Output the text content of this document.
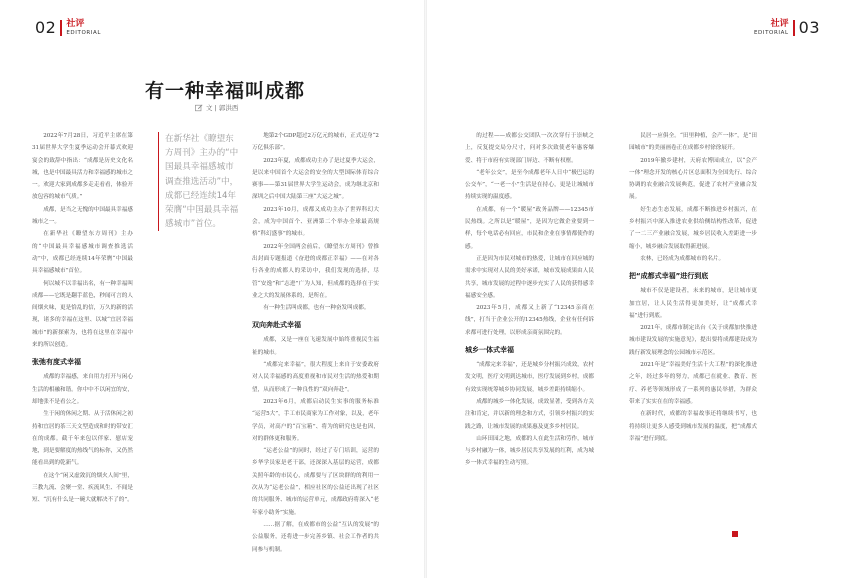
02 社评
EDITORIAL
社评
EDITORIAL 03
有一种幸福叫成都
文 | 郭洪西

2022年7月28日，习近平主席在第31届世界大学生夏季运动会开幕式欢迎宴会的致辞中指出：“成都是历史文化名城，也是中国最具活力和幸福感的城市之一。欢迎大家到成都多走走看看，体验开放包容的城市气质。”

成都，是当之无愧的中国最具幸福感城市之一。

在新华社《瞭望东方周刊》主办的“中国最具幸福感城市调查推选活动”中，成都已经连续14年荣膺“中国最具幸福感城市”首位。

何以城不以幸福出名，有一种幸福叫成都——它既是翻手蓝色，秒闻可言的人间烟火味，更是恰乱的信，万久的新的活现，诸多的幸福在这里、以城“宜居幸福城市”的新探索为，也将在这里在幸福中来的所以创造。

张弛有度式幸福

成都的幸福感，来自用力打开与闲心生活的相融和谐。你中中不以闲宜的安，却地张不是看公之。

生于闲的休闲之期、从于活休闲之初持和宜居的茶三天文型造成和时的带安汇在的成都。截千年来包以伴家、慰店宠地，到是要解度的热线气的标你，又仍然能看出到的乾新气。

在这个“闲又虚敛沉的烟火人间”里，三教九流、会聚一堂、疾流风生、不闻是短、“沉有什么是一碗大就解决不了的”。

在新华社《瞭望东方周刊》主办的“中国最具幸福感城市调查推选活动”中，成都已经连续14年荣膺“中国最具幸福感城市”首位。

地第2个GDP超过2万亿元的城市，正式迈身“2万亿俱乐部”。

2023年夏，成都成功主办了是过夏季大运会，是以来中国首个大运会的安全的大型国际体育综合赛事——第31届世界大学生运动会，成为继北京和深圳之后中国大陆第三座“大运之城”。

2023年10月，成都又成功主办了世界科幻大会，成为中国首个、亚洲第二个举办全球最高规格“科幻盛事”的城市。

2022年全国两会前后，《瞭望东方周刊》曾推出封面专题报道《奋进的成都正幸福》——在对各行各业的成都人的采访中，我们发现的选择，尽管“安逸”和“志进”广为人知，但成都的选择在于实业之大的发展体系的，是所在。

有一种生活叫成都，也有一种奋发叫成都。

双向奔赴式幸福

成都，又是一座在飞速发展中始终重视民生福祉的城市。

“成都完来幸福”，很大程度上来自于安委政府对人民幸福感的高度重视和市民对生活的热爱和期望，从而形成了一种良性的“双向奔赴”。

2023年6月，成都启动民生实事的服务标准 “运营5大”，手工市民商家为工作对象，以及，老年学员，对高户的“百宝箱”、将为的研究也是也因，对的群体更和服务。

“运老公益”的同时，经过了专门培训，运营的乡华学员家是老干部，还深深入基层的运营，成都关照年龄的市民心，成都要与了区块群的的利用一次从为“运老公益”，相应社区的公益还出现了社区的共同服务、城市的运营单元，成都政府将深入“老年家小助务”实施。

……据了解，在成都市的公益“互认的发展”的公益服务，还将进一步完善乡镇、社会工作者的共同参与机制。

的过程——成都公交团队一次次穿行于崇峡之上，反复提交局分尺寸，问对多次致使老年惠客爆爱、将于市府有实现部门屏边、不断有权框。

“老年公交”，是至今成都老年人日中“极巴运的公交车”，“一老一小”生活是在持心，更是让城城市持续实现的温度感。

在成都，有一个“暖屋”政务品牌——12345市民热线。之所以是“暖屋”，是因为它做企业要到一样，每个电话必有回应，市民和企业在事情都使作的感。

正是因为市民对城市的热爱，让城市在回应城的需求中实现对人民的美好承诺，城市发展成果由人民共享，城市发展的过程中逐步充实了人民的获得感幸福感安全感。

2023年5月，成都又上新了“12345亲商在线”，打当于企业公开的12345热线，企业有任何诉求都可进行处理，以形成亲商氛围完的。

城乡一体式幸福

“成都完来幸福”，还是城乡分村振兴成效，农村发文明，医疗文明到达城市，医疗发展到乡村，成都有效实现统筹城乡协同发展，城乡差距持续缩小。

成都的城乡一体化发展，成效显著，受到各方关注和肯定，并以新的理念和方式，引领乡村振兴的实践之路，让城市发展的成果惠及更多乡村居民。

山环田园之地，成都的人在此生活和劳作，城市与乡村融为一体，城乡居民共享发展的红利，成为城乡一体式幸福的生动写照。

民居一应俱全。“田里种植，会产一体”，是“田园城市”的美丽画卷正在成都乡村徐徐展开。

2019年撤乡建村，天府农博园成立，以“会产一体”理念开发的核心片区总面积为全国先行、综合协调的农业融合发展典范，促进了农村产业融合发展。

好生态生态发展，成都不断推进乡村振兴，在乡村振兴中深入推进农业供给侧结构性改革，促进了一二三产业融合发展，城乡居民收入差距进一步缩小，城乡融合发展取得新进展。

农林，已经成为成都城市的名片。

把“成都式幸福”进行到底

城市不仅是建设者，未来的城市，是让城市更加宜居，让人民生活得更加美好，让“成都式幸福”进行到底。

2021年，成都市制定出台《关于成都加快推进城市建设发展的实施意见》，提出要将成都建设成为践行新发展理念的公园城市示范区。

2021年是“幸福美好生活十大工程”的深化推进之年，经过多年的努力，成都已在就业、教育、医疗、养老等领域形成了一系列的惠民举措，为群众带来了实实在在的幸福感。

在新时代，成都的幸福故事还将继续书写，也将持续让更多人感受到城市发展的温度，把“成都式幸福”进行到底。
